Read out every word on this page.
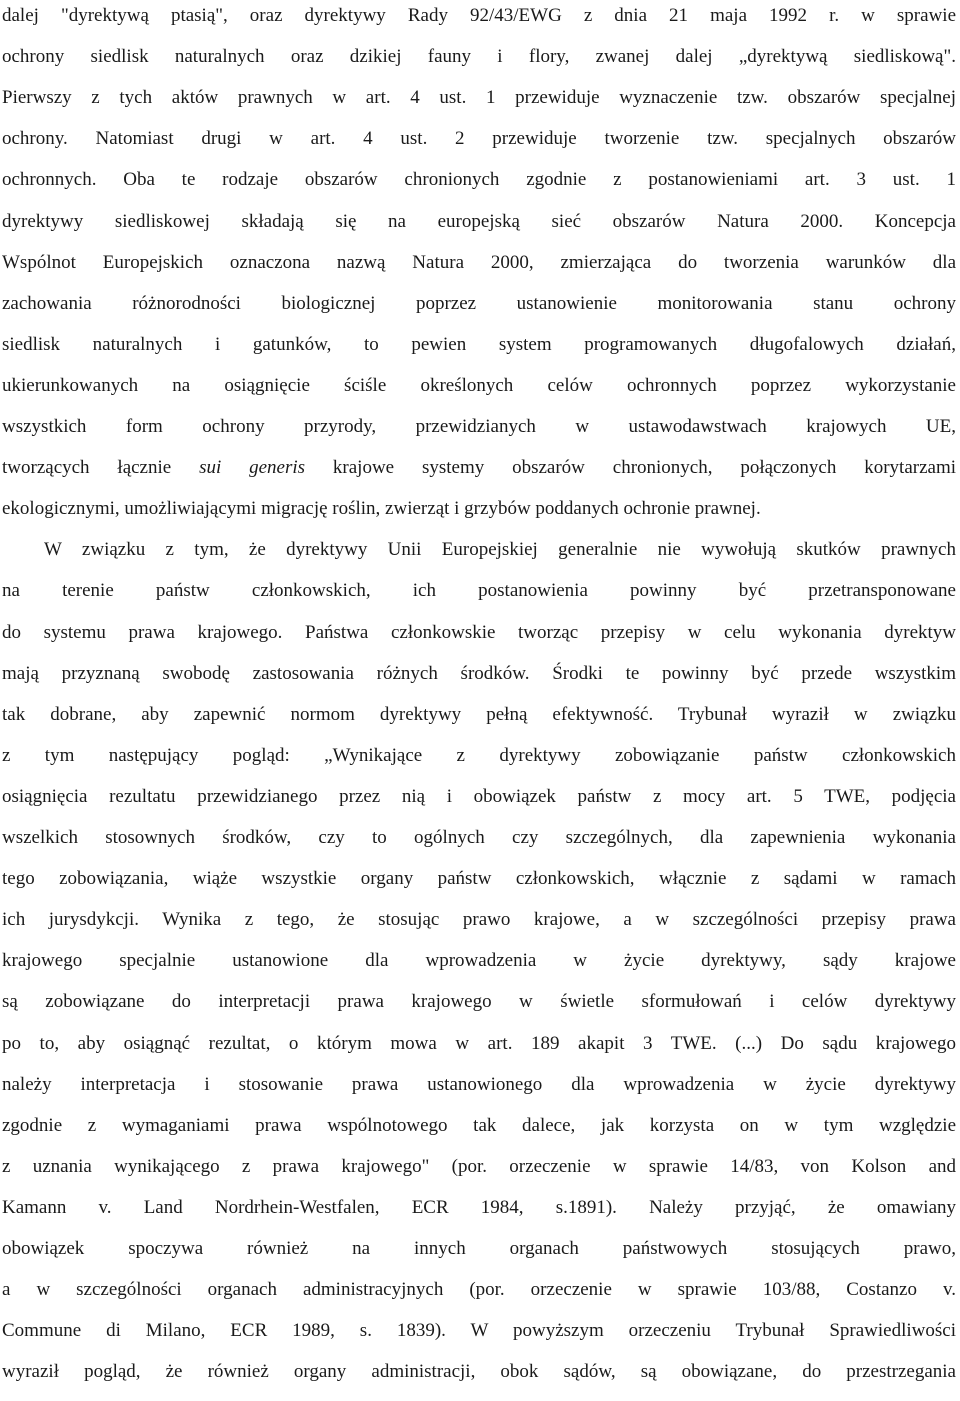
dalej "dyrektywą ptasią", oraz dyrektywy Rady 92/43/EWG z dnia 21 maja 1992 r. w sprawie
ochrony siedlisk naturalnych oraz dzikiej fauny i flory, zwanej dalej „dyrektywą siedliskową".
Pierwszy z tych aktów prawnych w art. 4 ust. 1 przewiduje wyznaczenie tzw. obszarów specjalnej
ochrony. Natomiast drugi w art. 4 ust. 2 przewiduje tworzenie tzw. specjalnych obszarów
ochronnych. Oba te rodzaje obszarów chronionych zgodnie z postanowieniami art. 3 ust. 1
dyrektywy siedliskowej składają się na europejską sieć obszarów Natura 2000. Koncepcja
Wspólnot Europejskich oznaczona nazwą Natura 2000, zmierzająca do tworzenia warunków dla
zachowania różnorodności biologicznej poprzez ustanowienie monitorowania stanu ochrony
siedlisk naturalnych i gatunków, to pewien system programowanych długofalowych działań,
ukierunkowanych na osiągnięcie ściśle określonych celów ochronnych poprzez wykorzystanie
wszystkich form ochrony przyrody, przewidzianych w ustawodawstwach krajowych UE,
tworzących łącznie sui generis krajowe systemy obszarów chronionych, połączonych korytarzami
ekologicznymi, umożliwiającymi migrację roślin, zwierząt i grzybów poddanych ochronie prawnej.
W związku z tym, że dyrektywy Unii Europejskiej generalnie nie wywołują skutków prawnych
na terenie państw członkowskich, ich postanowienia powinny być przetransponowane
do systemu prawa krajowego. Państwa członkowskie tworząc przepisy w celu wykonania dyrektyw
mają przyznaną swobodę zastosowania różnych środków. Środki te powinny być przede wszystkim
tak dobrane, aby zapewnić normom dyrektywy pełną efektywność. Trybunał wyraził w związku
z tym następujący pogląd: „Wynikające z dyrektywy zobowiązanie państw członkowskich
osiągnięcia rezultatu przewidzianego przez nią i obowiązek państw z mocy art. 5 TWE, podjęcia
wszelkich stosownych środków, czy to ogólnych czy szczególnych, dla zapewnienia wykonania
tego zobowiązania, wiąże wszystkie organy państw członkowskich, włącznie z sądami w ramach
ich jurysdykcji. Wynika z tego, że stosując prawo krajowe, a w szczególności przepisy prawa
krajowego specjalnie ustanowione dla wprowadzenia w życie dyrektywy, sądy krajowe
są zobowiązane do interpretacji prawa krajowego w świetle sformułowań i celów dyrektywy
po to, aby osiągnąć rezultat, o którym mowa w art. 189 akapit 3 TWE. (...) Do sądu krajowego
należy interpretacja i stosowanie prawa ustanowionego dla wprowadzenia w życie dyrektywy
zgodnie z wymaganiami prawa wspólnotowego tak dalece, jak korzysta on w tym względzie
z uznania wynikającego z prawa krajowego" (por. orzeczenie w sprawie 14/83, von Kolson and
Kamann v. Land Nordrhein-Westfalen, ECR 1984, s.1891). Należy przyjąć, że omawiany
obowiązek spoczywa również na innych organach państwowych stosujących prawo,
a w szczególności organach administracyjnych (por. orzeczenie w sprawie 103/88, Costanzo v.
Commune di Milano, ECR 1989, s. 1839). W powyższym orzeczeniu Trybunał Sprawiedliwości
wyraził pogląd, że również organy administracji, obok sądów, są obowiązane, do przestrzegania
